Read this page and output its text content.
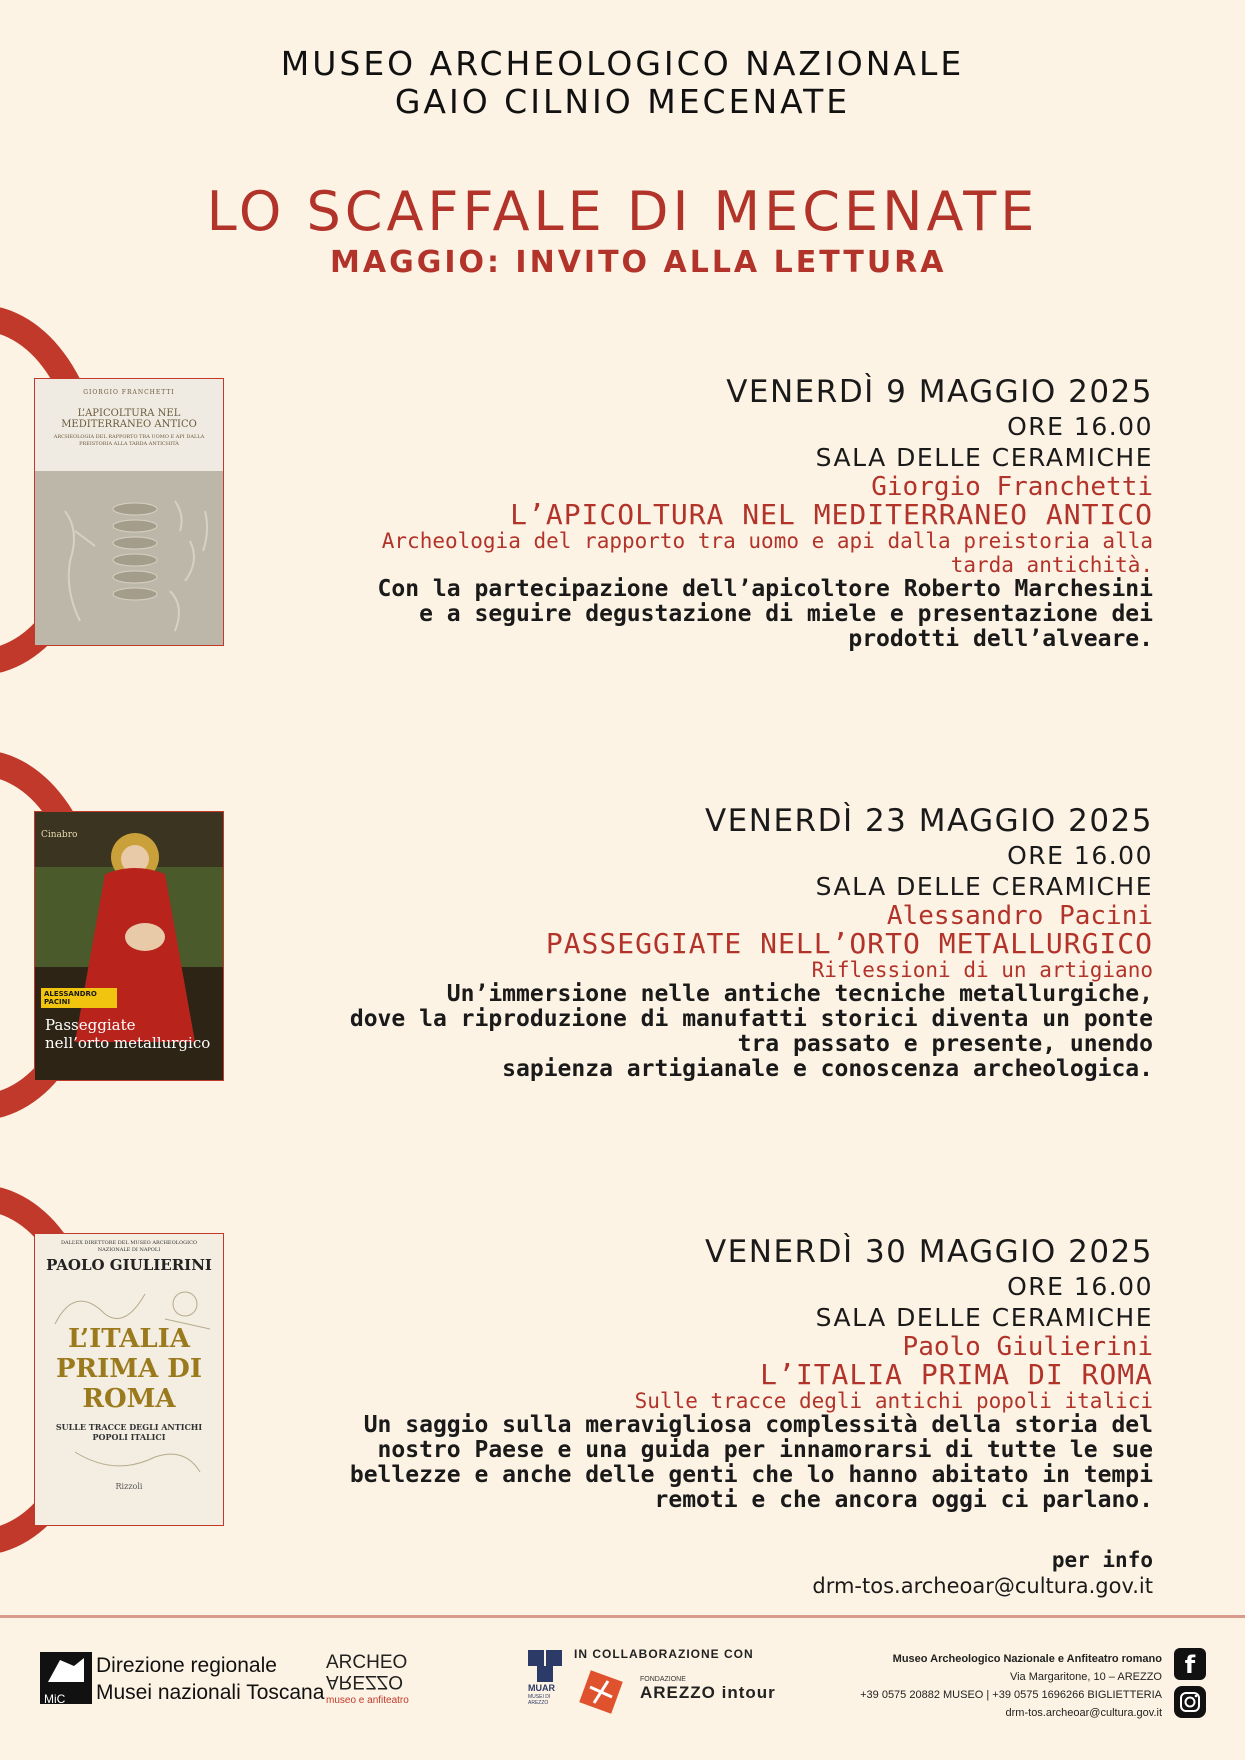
MUSEO ARCHEOLOGICO NAZIONALE
GAIO CILNIO MECENATE
LO SCAFFALE DI MECENATE
MAGGIO: INVITO ALLA LETTURA
GIORGIO FRANCHETTI
L’APICOLTURA NEL
MEDITERRANEO ANTICO
ARCHEOLOGIA DEL RAPPORTO TRA UOMO E API DALLA PREISTORIA ALLA TARDA ANTICHITÀ
Cinabro
ALESSANDRO PACINI
Passeggiate
nell’orto metallurgico
DALL’EX DIRETTORE DEL MUSEO ARCHEOLOGICO NAZIONALE DI NAPOLI
PAOLO GIULIERINI
L’ITALIA
PRIMA DI
ROMA
SULLE TRACCE DEGLI ANTICHI
POPOLI ITALICI
Rizzoli
VENERDÌ 9 MAGGIO 2025
ORE 16.00
SALA DELLE CERAMICHE
Giorgio Franchetti
L’APICOLTURA NEL MEDITERRANEO ANTICO
Archeologia del rapporto tra uomo e api dalla preistoria alla
tarda antichità.
Con la partecipazione dell’apicoltore Roberto Marchesini
e a seguire degustazione di miele e presentazione dei
prodotti dell’alveare.
VENERDÌ 23 MAGGIO 2025
ORE 16.00
SALA DELLE CERAMICHE
Alessandro Pacini
PASSEGGIATE NELL’ORTO METALLURGICO
Riflessioni di un artigiano
Un’immersione nelle antiche tecniche metallurgiche,
dove la riproduzione di manufatti storici diventa un ponte
tra passato e presente, unendo
sapienza artigianale e conoscenza archeologica.
VENERDÌ 30 MAGGIO 2025
ORE 16.00
SALA DELLE CERAMICHE
Paolo Giulierini
L’ITALIA PRIMA DI ROMA
Sulle tracce degli antichi popoli italici
Un saggio sulla meravigliosa complessità della storia del
nostro Paese e una guida per innamorarsi di tutte le sue
bellezze e anche delle genti che lo hanno abitato in tempi
remoti e che ancora oggi ci parlano.
per info
drm-tos.archeoar@cultura.gov.it
MiC
Direzione regionale
Musei nazionali Toscana
ARCHEO
AREZZO
museo e anfiteatro
MUAR
MUSEI DI AREZZO
IN COLLABORAZIONE CON
FONDAZIONE
AREZZO intour
Museo Archeologico Nazionale e Anfiteatro romano
Via Margaritone, 10 – AREZZO
+39 0575 20882 MUSEO | +39 0575 1696266 BIGLIETTERIA
drm-tos.archeoar@cultura.gov.it
f
